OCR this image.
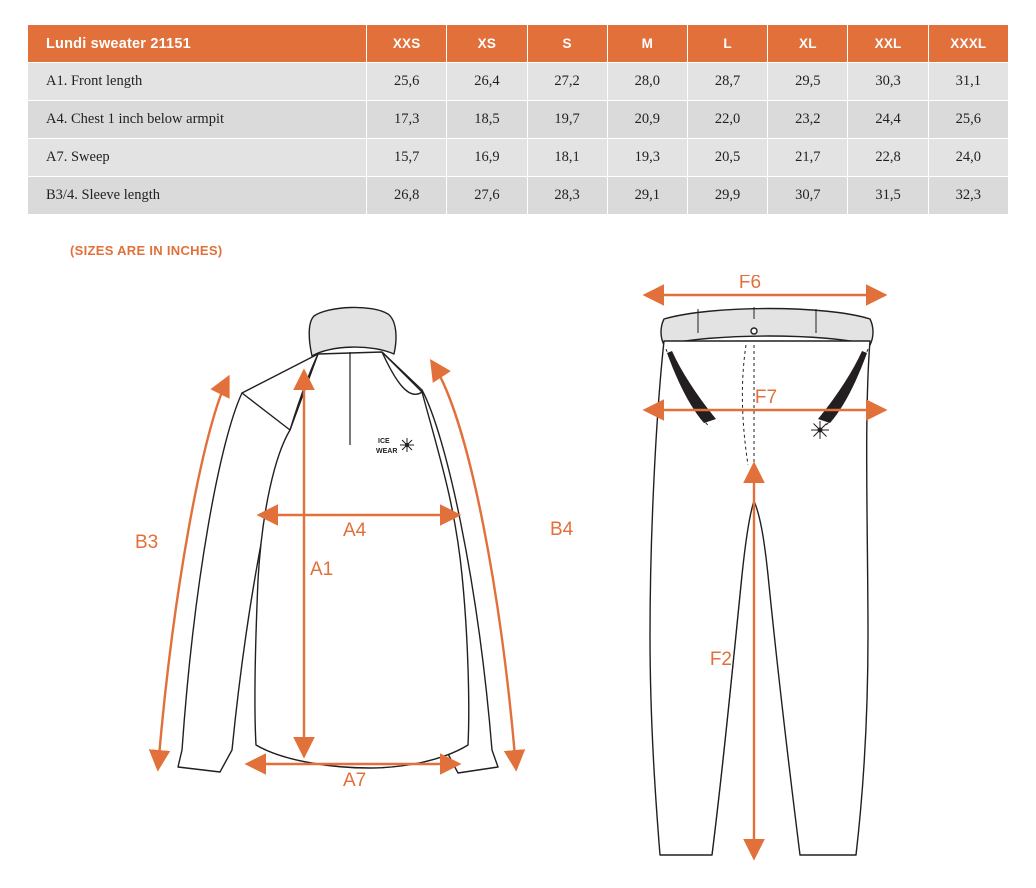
Lundi sweater 21151	XXS	XS	S	M	L	XL	XXL	XXXL
A1. Front length	25,6	26,4	27,2	28,0	28,7	29,5	30,3	31,1
A4. Chest 1 inch below armpit	17,3	18,5	19,7	20,9	22,0	23,2	24,4	25,6
A7. Sweep	15,7	16,9	18,1	19,3	20,5	21,7	22,8	24,0
B3/4. Sleeve length	26,8	27,6	28,3	29,1	29,9	30,7	31,5	32,3
(SIZES ARE IN INCHES)
ICE
WEAR
B3
B4
A4
A1
A7
F6
F7
F2
